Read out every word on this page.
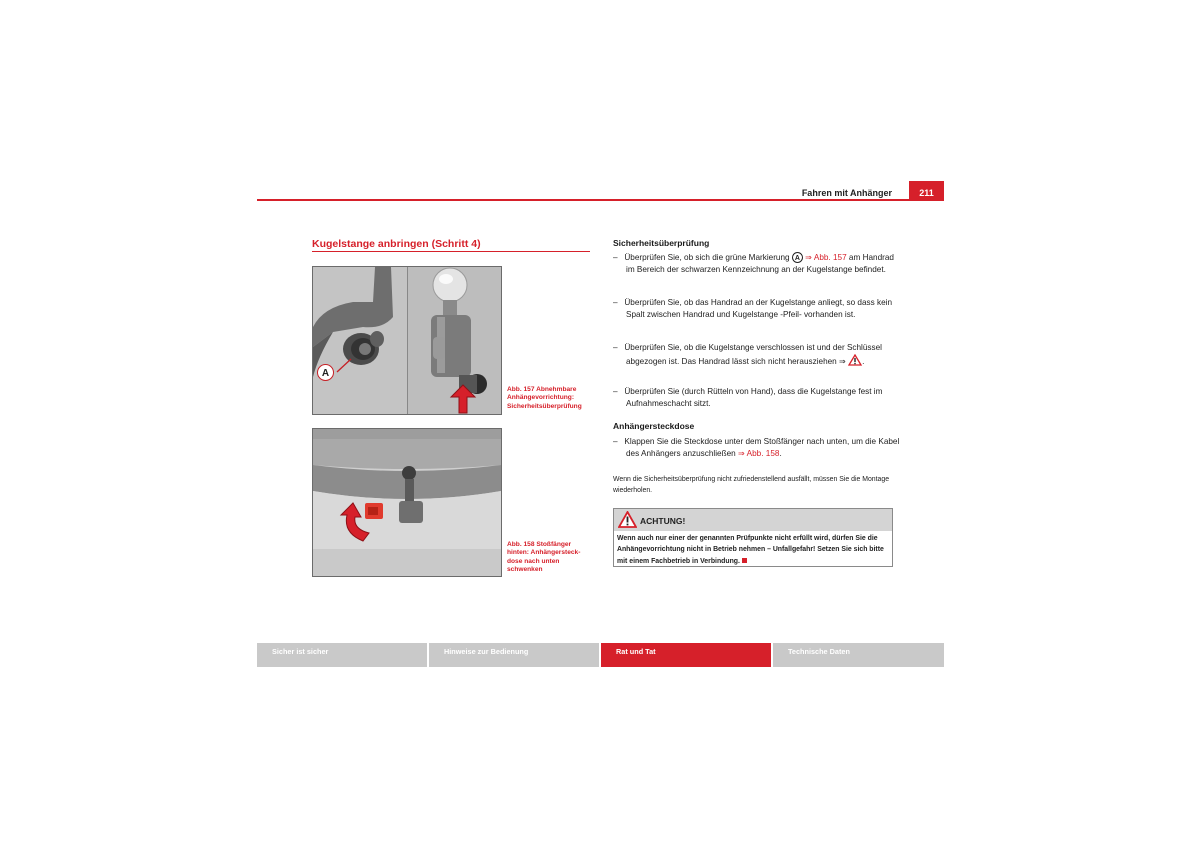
Fahren mit Anhänger	211
Kugelstange anbringen (Schritt 4)
A
Abb. 157 Abnehmbare Anhängevorrichtung: Sicherheitsüberprüfung
Abb. 158 Stoßfänger hinten: Anhängersteckdose nach unten schwenken
Sicherheitsüberprüfung
–   Überprüfen Sie, ob sich die grüne Markierung A ⇒ Abb. 157 am Handrad im Bereich der schwarzen Kennzeichnung an der Kugelstange befindet.
–   Überprüfen Sie, ob das Handrad an der Kugelstange anliegt, so dass kein Spalt zwischen Handrad und Kugelstange -Pfeil- vorhanden ist.
–   Überprüfen Sie, ob die Kugelstange verschlossen ist und der Schlüssel abgezogen ist. Das Handrad lässt sich nicht herausziehen ⇒ .
–   Überprüfen Sie (durch Rütteln von Hand), dass die Kugelstange fest im Aufnahmeschacht sitzt.
Anhängersteckdose
–   Klappen Sie die Steckdose unter dem Stoßfänger nach unten, um die Kabel des Anhängers anzuschließen ⇒ Abb. 158.
Wenn die Sicherheitsüberprüfung nicht zufriedenstellend ausfällt, müssen Sie die Montage wiederholen.
ACHTUNG!
Wenn auch nur einer der genannten Prüfpunkte nicht erfüllt wird, dürfen Sie die Anhängevorrichtung nicht in Betrieb nehmen – Unfallgefahr! Setzen Sie sich bitte mit einem Fachbetrieb in Verbindung.
Sicher ist sicher	Hinweise zur Bedienung	Rat und Tat	Technische Daten
